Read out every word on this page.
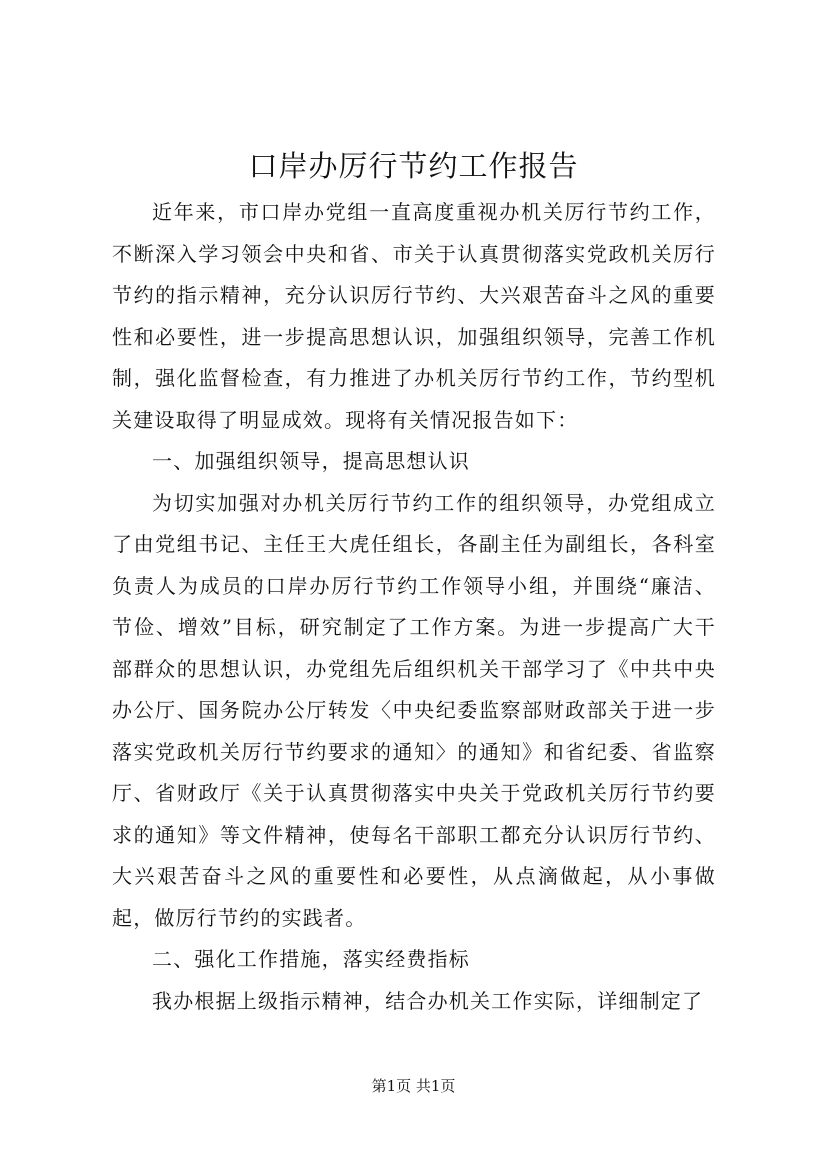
口岸办厉行节约工作报告

近年来，市口岸办党组一直高度重视办机关厉行节约工作，不断深入学习领会中央和省、市关于认真贯彻落实党政机关厉行节约的指示精神，充分认识厉行节约、大兴艰苦奋斗之风的重要性和必要性，进一步提高思想认识，加强组织领导，完善工作机制，强化监督检查，有力推进了办机关厉行节约工作，节约型机关建设取得了明显成效。现将有关情况报告如下：

一、加强组织领导，提高思想认识

为切实加强对办机关厉行节约工作的组织领导，办党组成立了由党组书记、主任王大虎任组长，各副主任为副组长，各科室负责人为成员的口岸办厉行节约工作领导小组，并围绕“廉洁、节俭、增效”目标，研究制定了工作方案。为进一步提高广大干部群众的思想认识，办党组先后组织机关干部学习了《中共中央办公厅、国务院办公厅转发〈中央纪委监察部财政部关于进一步落实党政机关厉行节约要求的通知〉的通知》和省纪委、省监察厅、省财政厅《关于认真贯彻落实中央关于党政机关厉行节约要求的通知》等文件精神，使每名干部职工都充分认识厉行节约、大兴艰苦奋斗之风的重要性和必要性，从点滴做起，从小事做起，做厉行节约的实践者。

二、强化工作措施，落实经费指标

我办根据上级指示精神，结合办机关工作实际，详细制定了

第1页 共1页
